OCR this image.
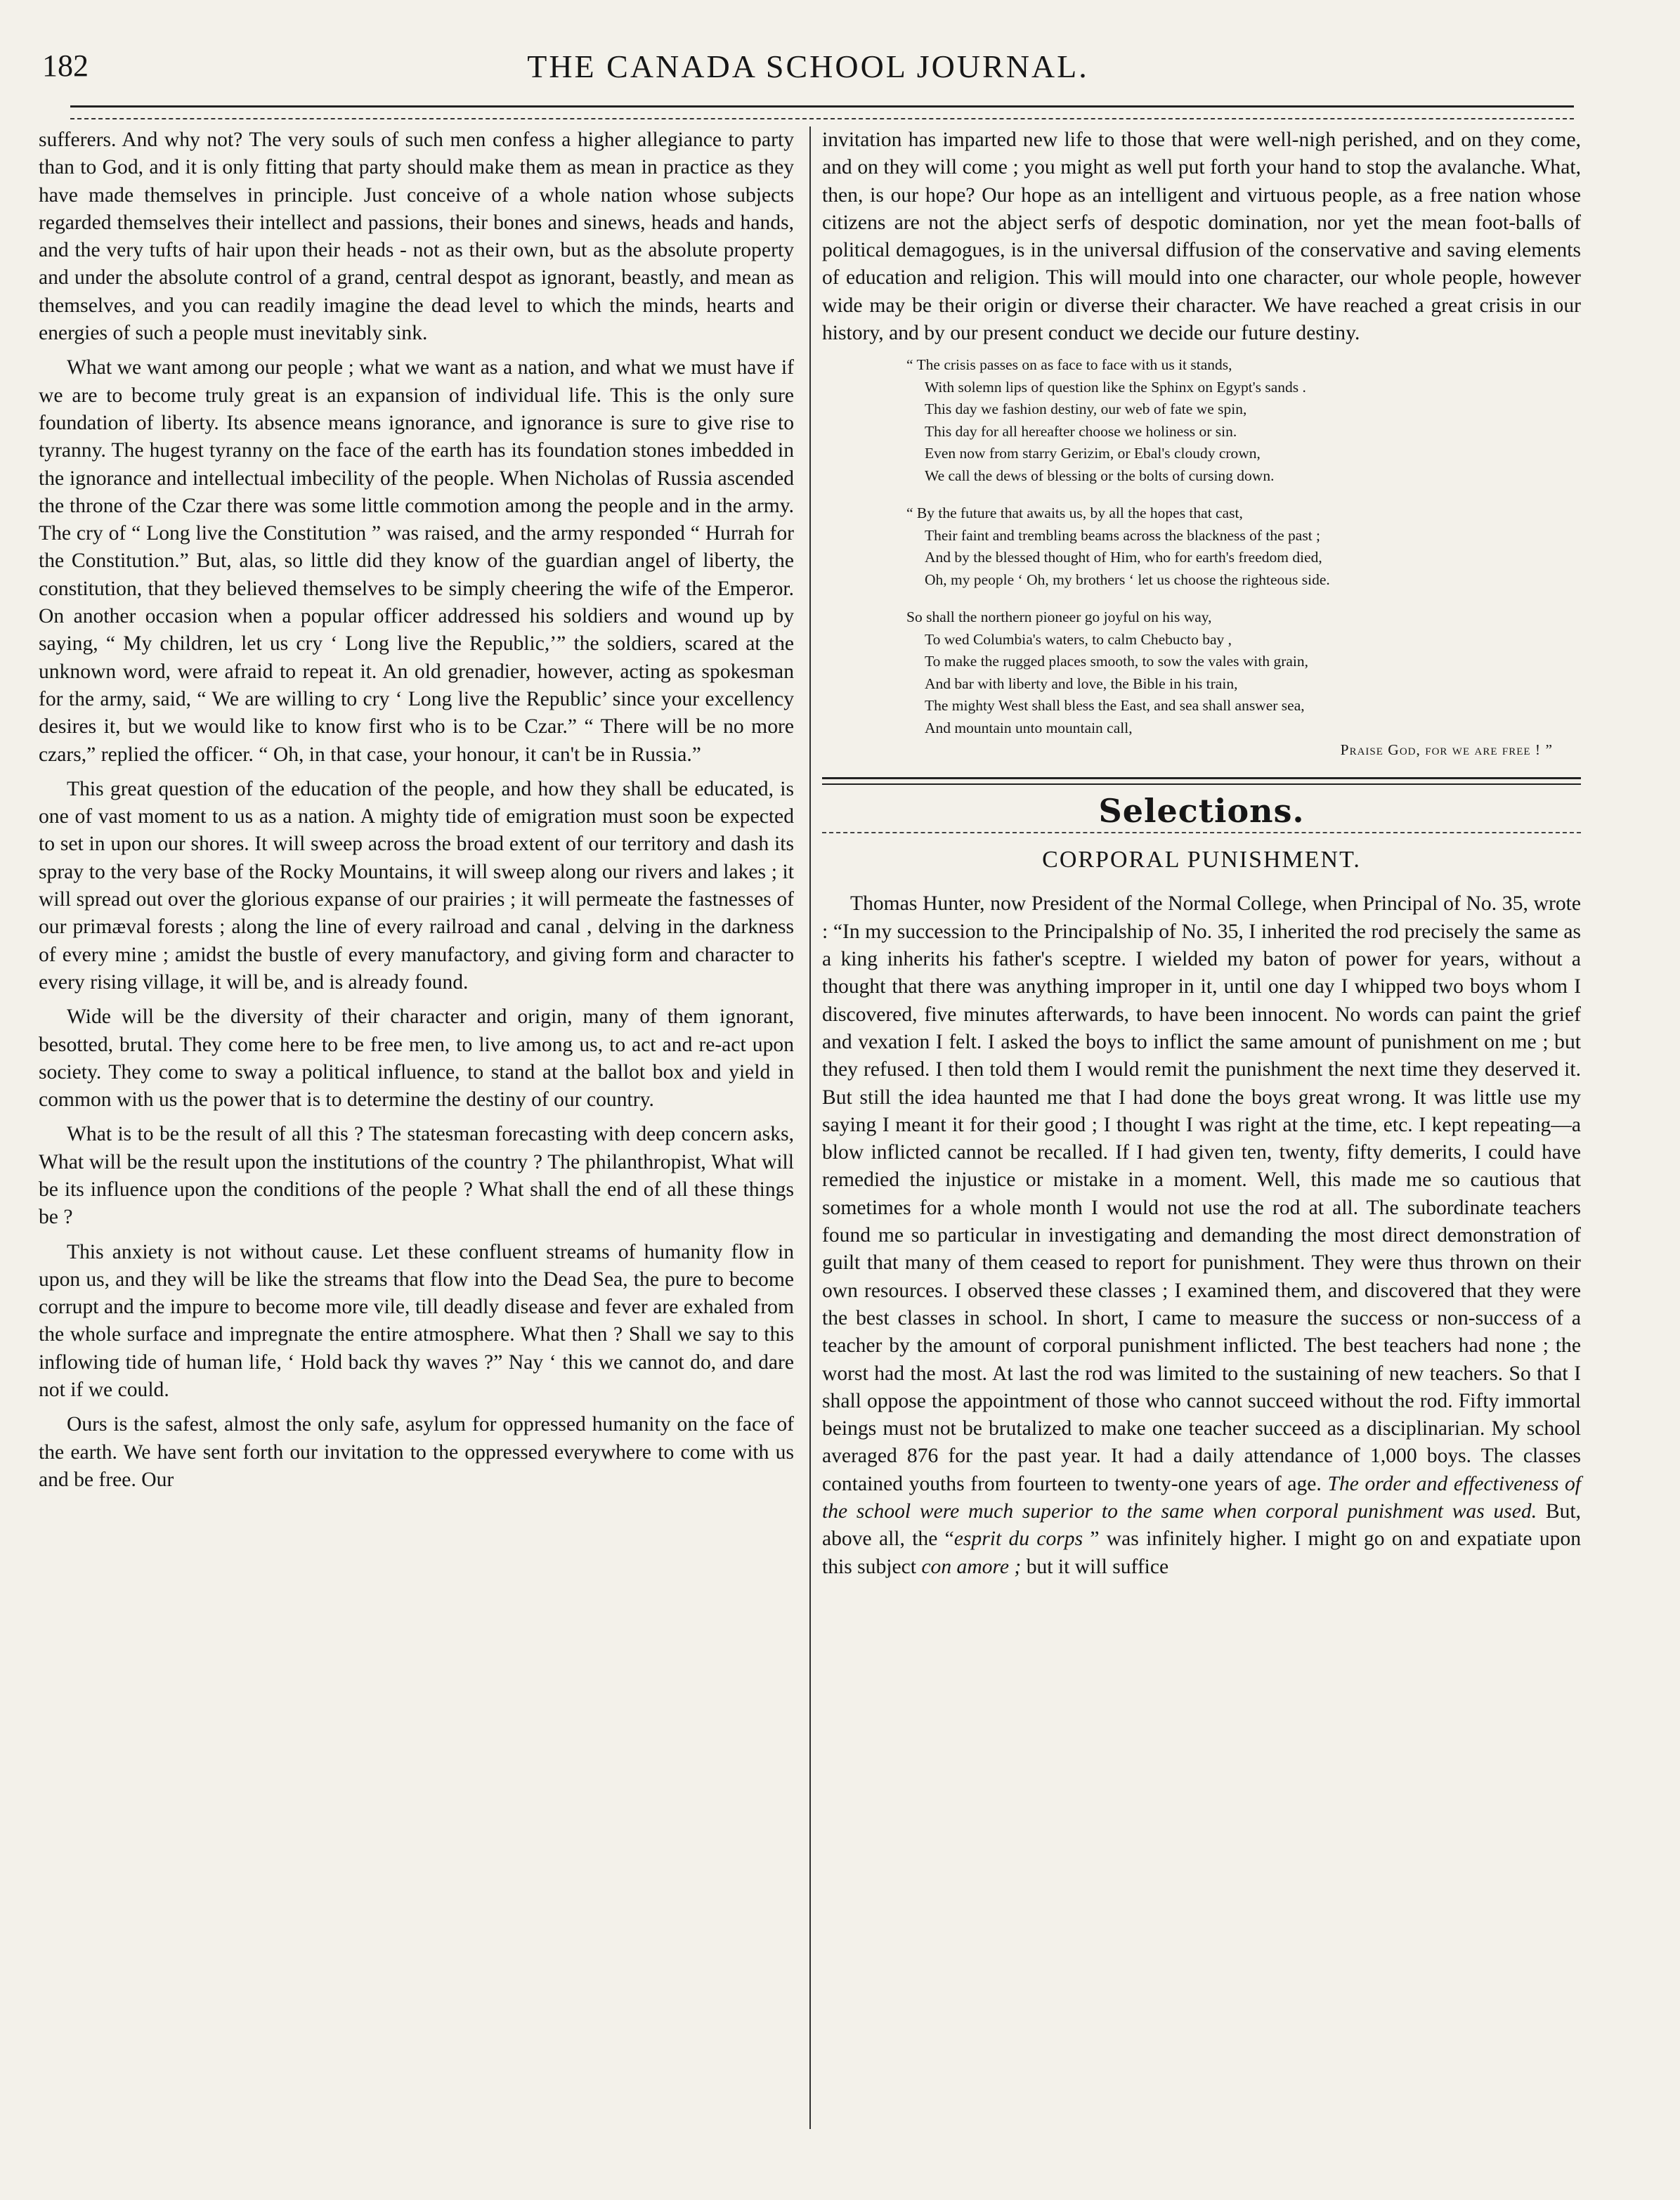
182	THE CANADA SCHOOL JOURNAL.

sufferers. And why not? The very souls of such men confess a higher allegiance to party than to God, and it is only fitting that party should make them as mean in practice as they have made themselves in principle. Just conceive of a whole nation whose subjects regarded themselves their intellect and passions, their bones and sinews, heads and hands, and the very tufts of hair upon their heads - not as their own, but as the absolute property and under the absolute control of a grand, central despot as ignorant, beastly, and mean as themselves, and you can readily imagine the dead level to which the minds, hearts and energies of such a people must inevitably sink.

What we want among our people ; what we want as a nation, and what we must have if we are to become truly great is an expansion of individual life. This is the only sure foundation of liberty. Its absence means ignorance, and ignorance is sure to give rise to tyranny. The hugest tyranny on the face of the earth has its foundation stones imbedded in the ignorance and intellectual imbecility of the people. When Nicholas of Russia ascended the throne of the Czar there was some little commotion among the people and in the army. The cry of “ Long live the Constitution ” was raised, and the army responded “ Hurrah for the Constitution.” But, alas, so little did they know of the guardian angel of liberty, the constitution, that they believed themselves to be simply cheering the wife of the Emperor. On another occasion when a popular officer addressed his soldiers and wound up by saying, “ My children, let us cry ‘ Long live the Republic,’” the soldiers, scared at the unknown word, were afraid to repeat it. An old grenadier, however, acting as spokesman for the army, said, “ We are willing to cry ‘ Long live the Republic’ since your excellency desires it, but we would like to know first who is to be Czar.” “ There will be no more czars,” replied the officer. “ Oh, in that case, your honour, it can't be in Russia.”

This great question of the education of the people, and how they shall be educated, is one of vast moment to us as a nation. A mighty tide of emigration must soon be expected to set in upon our shores. It will sweep across the broad extent of our territory and dash its spray to the very base of the Rocky Mountains, it will sweep along our rivers and lakes ; it will spread out over the glorious expanse of our prairies ; it will permeate the fastnesses of our primæval forests ; along the line of every railroad and canal , delving in the darkness of every mine ; amidst the bustle of every manufactory, and giving form and character to every rising village, it will be, and is already found.

Wide will be the diversity of their character and origin, many of them ignorant, besotted, brutal. They come here to be free men, to live among us, to act and re-act upon society. They come to sway a political influence, to stand at the ballot box and yield in common with us the power that is to determine the destiny of our country.

What is to be the result of all this ? The statesman forecasting with deep concern asks, What will be the result upon the institutions of the country ? The philanthropist, What will be its influence upon the conditions of the people ? What shall the end of all these things be ?

This anxiety is not without cause. Let these confluent streams of humanity flow in upon us, and they will be like the streams that flow into the Dead Sea, the pure to become corrupt and the impure to become more vile, till deadly disease and fever are exhaled from the whole surface and impregnate the entire atmosphere. What then ? Shall we say to this inflowing tide of human life, ‘ Hold back thy waves ?” Nay ‘ this we cannot do, and dare not if we could.

Ours is the safest, almost the only safe, asylum for oppressed humanity on the face of the earth. We have sent forth our invitation to the oppressed everywhere to come with us and be free. Our

invitation has imparted new life to those that were well-nigh perished, and on they come, and on they will come ; you might as well put forth your hand to stop the avalanche. What, then, is our hope? Our hope as an intelligent and virtuous people, as a free nation whose citizens are not the abject serfs of despotic domination, nor yet the mean foot-balls of political demagogues, is in the universal diffusion of the conservative and saving elements of education and religion. This will mould into one character, our whole people, however wide may be their origin or diverse their character. We have reached a great crisis in our history, and by our present conduct we decide our future destiny.

“ The crisis passes on as face to face with us it stands,
With solemn lips of question like the Sphinx on Egypt's sands .
This day we fashion destiny, our web of fate we spin,
This day for all hereafter choose we holiness or sin.
Even now from starry Gerizim, or Ebal's cloudy crown,
We call the dews of blessing or the bolts of cursing down.
“ By the future that awaits us, by all the hopes that cast,
Their faint and trembling beams across the blackness of the past ;
And by the blessed thought of Him, who for earth's freedom died,
Oh, my people ‘ Oh, my brothers ‘ let us choose the righteous side.
So shall the northern pioneer go joyful on his way,
To wed Columbia's waters, to calm Chebucto bay ,
To make the rugged places smooth, to sow the vales with grain,
And bar with liberty and love, the Bible in his train,
The mighty West shall bless the East, and sea shall answer sea,
And mountain unto mountain call,
Praise God, for we are free ! ”
Selections.
CORPORAL PUNISHMENT.

Thomas Hunter, now President of the Normal College, when Principal of No. 35, wrote : “In my succession to the Principalship of No. 35, I inherited the rod precisely the same as a king inherits his father's sceptre. I wielded my baton of power for years, without a thought that there was anything improper in it, until one day I whipped two boys whom I discovered, five minutes afterwards, to have been innocent. No words can paint the grief and vexation I felt. I asked the boys to inflict the same amount of punishment on me ; but they refused. I then told them I would remit the punishment the next time they deserved it. But still the idea haunted me that I had done the boys great wrong. It was little use my saying I meant it for their good ; I thought I was right at the time, etc. I kept repeating—a blow inflicted cannot be recalled. If I had given ten, twenty, fifty demerits, I could have remedied the injustice or mistake in a moment. Well, this made me so cautious that sometimes for a whole month I would not use the rod at all. The subordinate teachers found me so particular in investigating and demanding the most direct demonstration of guilt that many of them ceased to report for punishment. They were thus thrown on their own resources. I observed these classes ; I examined them, and discovered that they were the best classes in school. In short, I came to measure the success or non-success of a teacher by the amount of corporal punishment inflicted. The best teachers had none ; the worst had the most. At last the rod was limited to the sustaining of new teachers. So that I shall oppose the appointment of those who cannot succeed without the rod. Fifty immortal beings must not be brutalized to make one teacher succeed as a disciplinarian. My school averaged 876 for the past year. It had a daily attendance of 1,000 boys. The classes contained youths from fourteen to twenty-one years of age. The order and effectiveness of the school were much superior to the same when corporal punishment was used. But, above all, the “esprit du corps ” was infinitely higher. I might go on and expatiate upon this subject con amore ; but it will suffice
